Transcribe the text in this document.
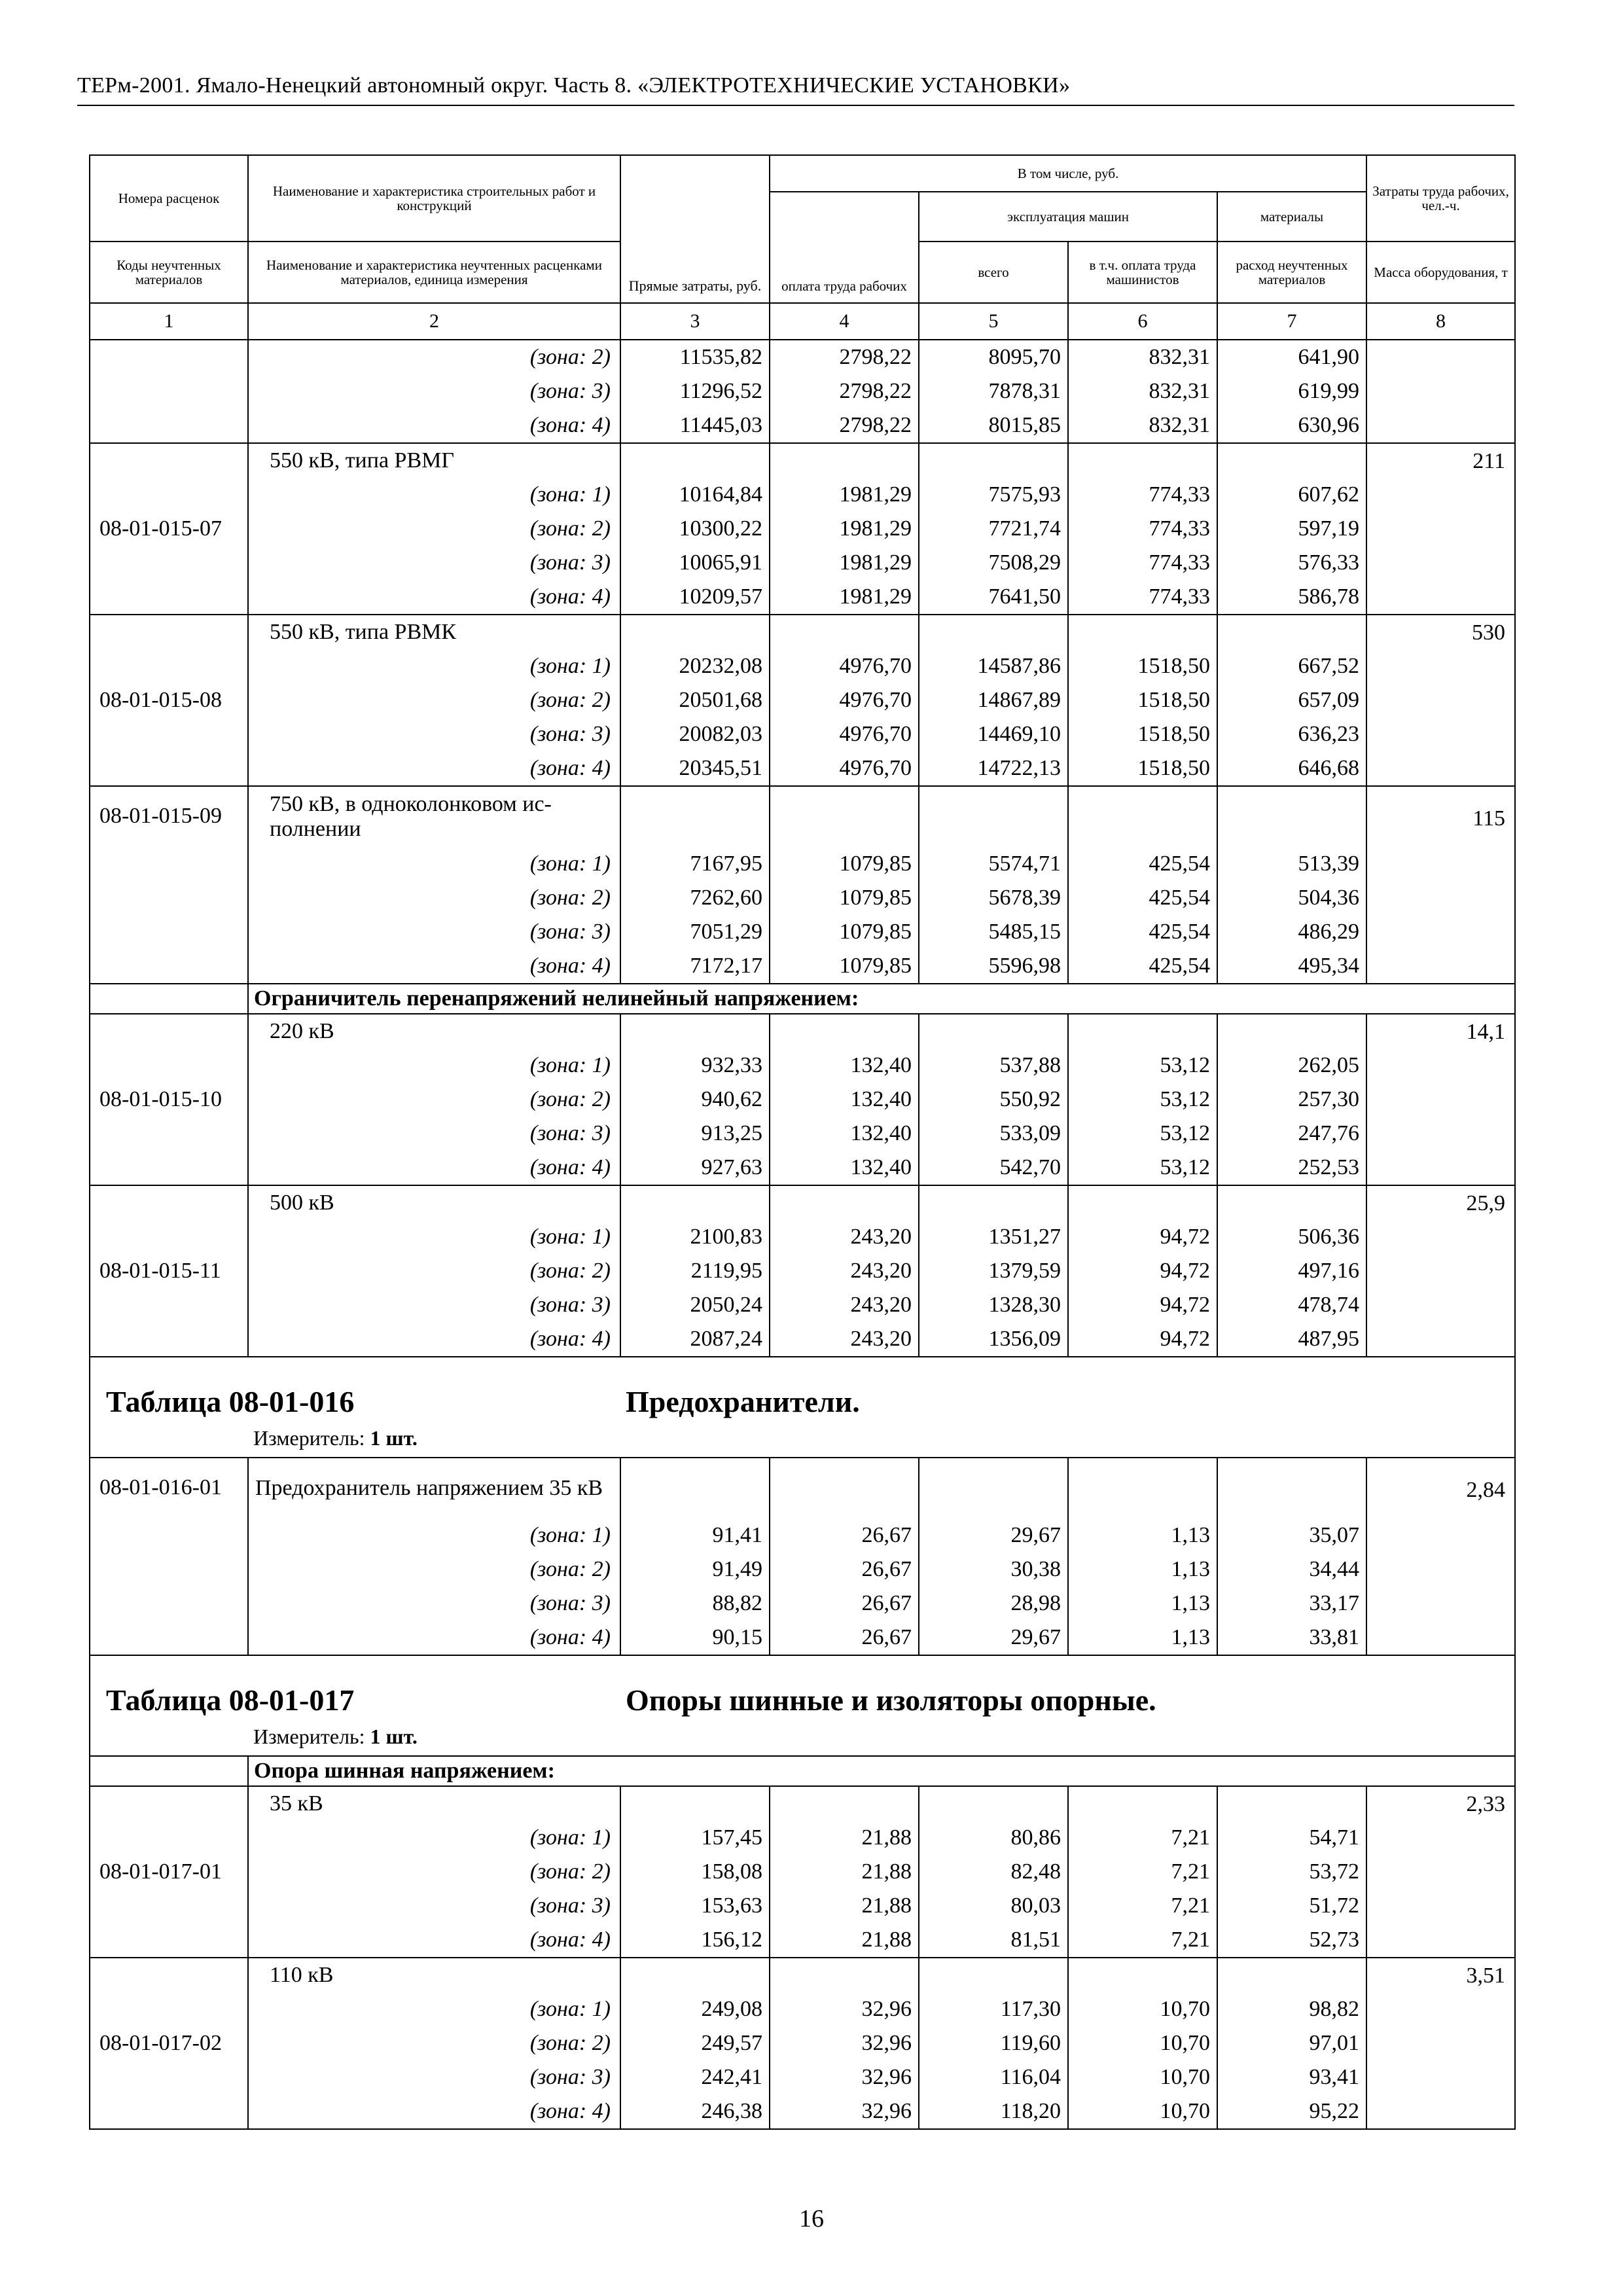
ТЕРм-2001. Ямало-Ненецкий автономный округ. Часть 8. «ЭЛЕКТРОТЕХНИЧЕСКИЕ УСТАНОВКИ»
Номера расценок	Наименование и характеристика строительных работ и конструкций	Прямые затраты, руб.	В том числе, руб.				Затраты труда рабочих, чел.-ч.
			оплата труда рабочих	эксплуатация машин		материалы	
Коды неучтенных материалов	Наименование и характеристика неучтенных расценками материалов, единица измерения			всего	в т.ч. оплата труда машинистов	расход неучтенных материалов	Масса оборудования, т
1	2	3	4	5	6	7	8
	(зона: 2)	11535,82	2798,22	8095,70	832,31	641,90	
	(зона: 3)	11296,52	2798,22	7878,31	832,31	619,99	
	(зона: 4)	11445,03	2798,22	8015,85	832,31	630,96	
08-01-015-07	550 кВ, типа РВМГ						211
	(зона: 1)	10164,84	1981,29	7575,93	774,33	607,62	
	(зона: 2)	10300,22	1981,29	7721,74	774,33	597,19	
	(зона: 3)	10065,91	1981,29	7508,29	774,33	576,33	
	(зона: 4)	10209,57	1981,29	7641,50	774,33	586,78	
08-01-015-08	550 кВ, типа РВМК						530
	(зона: 1)	20232,08	4976,70	14587,86	1518,50	667,52	
	(зона: 2)	20501,68	4976,70	14867,89	1518,50	657,09	
	(зона: 3)	20082,03	4976,70	14469,10	1518,50	636,23	
	(зона: 4)	20345,51	4976,70	14722,13	1518,50	646,68	
08-01-015-09	750 кВ, в одноколонковом ис-полнении						115
	(зона: 1)	7167,95	1079,85	5574,71	425,54	513,39	
	(зона: 2)	7262,60	1079,85	5678,39	425,54	504,36	
	(зона: 3)	7051,29	1079,85	5485,15	425,54	486,29	
	(зона: 4)	7172,17	1079,85	5596,98	425,54	495,34	
	Ограничитель перенапряжений нелинейный напряжением:						
08-01-015-10	220 кВ						14,1
	(зона: 1)	932,33	132,40	537,88	53,12	262,05	
	(зона: 2)	940,62	132,40	550,92	53,12	257,30	
	(зона: 3)	913,25	132,40	533,09	53,12	247,76	
	(зона: 4)	927,63	132,40	542,70	53,12	252,53	
08-01-015-11	500 кВ						25,9
	(зона: 1)	2100,83	243,20	1351,27	94,72	506,36	
	(зона: 2)	2119,95	243,20	1379,59	94,72	497,16	
	(зона: 3)	2050,24	243,20	1328,30	94,72	478,74	
	(зона: 4)	2087,24	243,20	1356,09	94,72	487,95	
Таблица 08-01-016		Предохранители.					
	Измеритель: 1 шт.						
08-01-016-01	Предохранитель напряжением 35 кВ						2,84
	(зона: 1)	91,41	26,67	29,67	1,13	35,07	
	(зона: 2)	91,49	26,67	30,38	1,13	34,44	
	(зона: 3)	88,82	26,67	28,98	1,13	33,17	
	(зона: 4)	90,15	26,67	29,67	1,13	33,81	
Таблица 08-01-017		Опоры шинные и изоляторы опорные.					
	Измеритель: 1 шт.						
	Опора шинная напряжением:						
08-01-017-01	35 кВ						2,33
	(зона: 1)	157,45	21,88	80,86	7,21	54,71	
	(зона: 2)	158,08	21,88	82,48	7,21	53,72	
	(зона: 3)	153,63	21,88	80,03	7,21	51,72	
	(зона: 4)	156,12	21,88	81,51	7,21	52,73	
08-01-017-02	110 кВ						3,51
	(зона: 1)	249,08	32,96	117,30	10,70	98,82	
	(зона: 2)	249,57	32,96	119,60	10,70	97,01	
	(зона: 3)	242,41	32,96	116,04	10,70	93,41	
	(зона: 4)	246,38	32,96	118,20	10,70	95,22	
16
